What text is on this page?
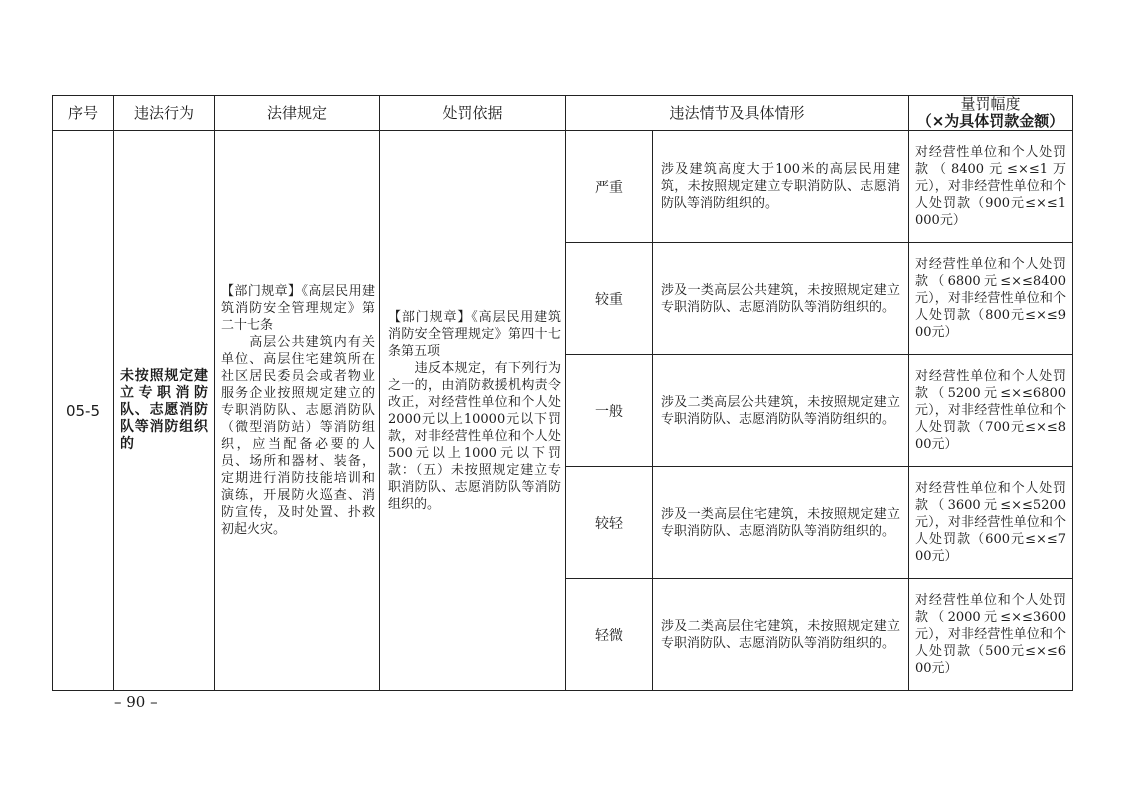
序号	违法行为	法律规定	处罚依据	违法情节及具体情形		量罚幅度
（×为具体罚款金额）

05-5	未按照规定建立专职消防队、志愿消防队等消防组织的	【部门规章】《高层民用建筑消防安全管理规定》第二十七条
　　高层公共建筑内有关单位、高层住宅建筑所在社区居民委员会或者物业服务企业按照规定建立的专职消防队、志愿消防队（微型消防站）等消防组织，应当配备必要的人员、场所和器材、装备，定期进行消防技能培训和演练，开展防火巡查、消防宣传，及时处置、扑救初起火灾。	【部门规章】《高层民用建筑消防安全管理规定》第四十七条第五项
　　违反本规定，有下列行为之一的，由消防救援机构责令改正，对经营性单位和个人处2000元以上10000元以下罚款，对非经营性单位和个人处500元以上1000元以下罚款：（五）未按照规定建立专职消防队、志愿消防队等消防组织的。	严重	涉及建筑高度大于100米的高层民用建筑，未按照规定建立专职消防队、志愿消防队等消防组织的。	对经营性单位和个人处罚款（8400元≤×≤1万元），对非经营性单位和个人处罚款（900元≤×≤1000元）
				较重	涉及一类高层公共建筑，未按照规定建立专职消防队、志愿消防队等消防组织的。	对经营性单位和个人处罚款（6800元≤×≤8400元），对非经营性单位和个人处罚款（800元≤×≤900元）
				一般	涉及二类高层公共建筑，未按照规定建立专职消防队、志愿消防队等消防组织的。	对经营性单位和个人处罚款（5200元≤×≤6800元），对非经营性单位和个人处罚款（700元≤×≤800元）
				较轻	涉及一类高层住宅建筑，未按照规定建立专职消防队、志愿消防队等消防组织的。	对经营性单位和个人处罚款（3600元≤×≤5200元），对非经营性单位和个人处罚款（600元≤×≤700元）
				轻微	涉及二类高层住宅建筑，未按照规定建立专职消防队、志愿消防队等消防组织的。	对经营性单位和个人处罚款（2000元≤×≤3600元），对非经营性单位和个人处罚款（500元≤×≤600元）
– 90 –
